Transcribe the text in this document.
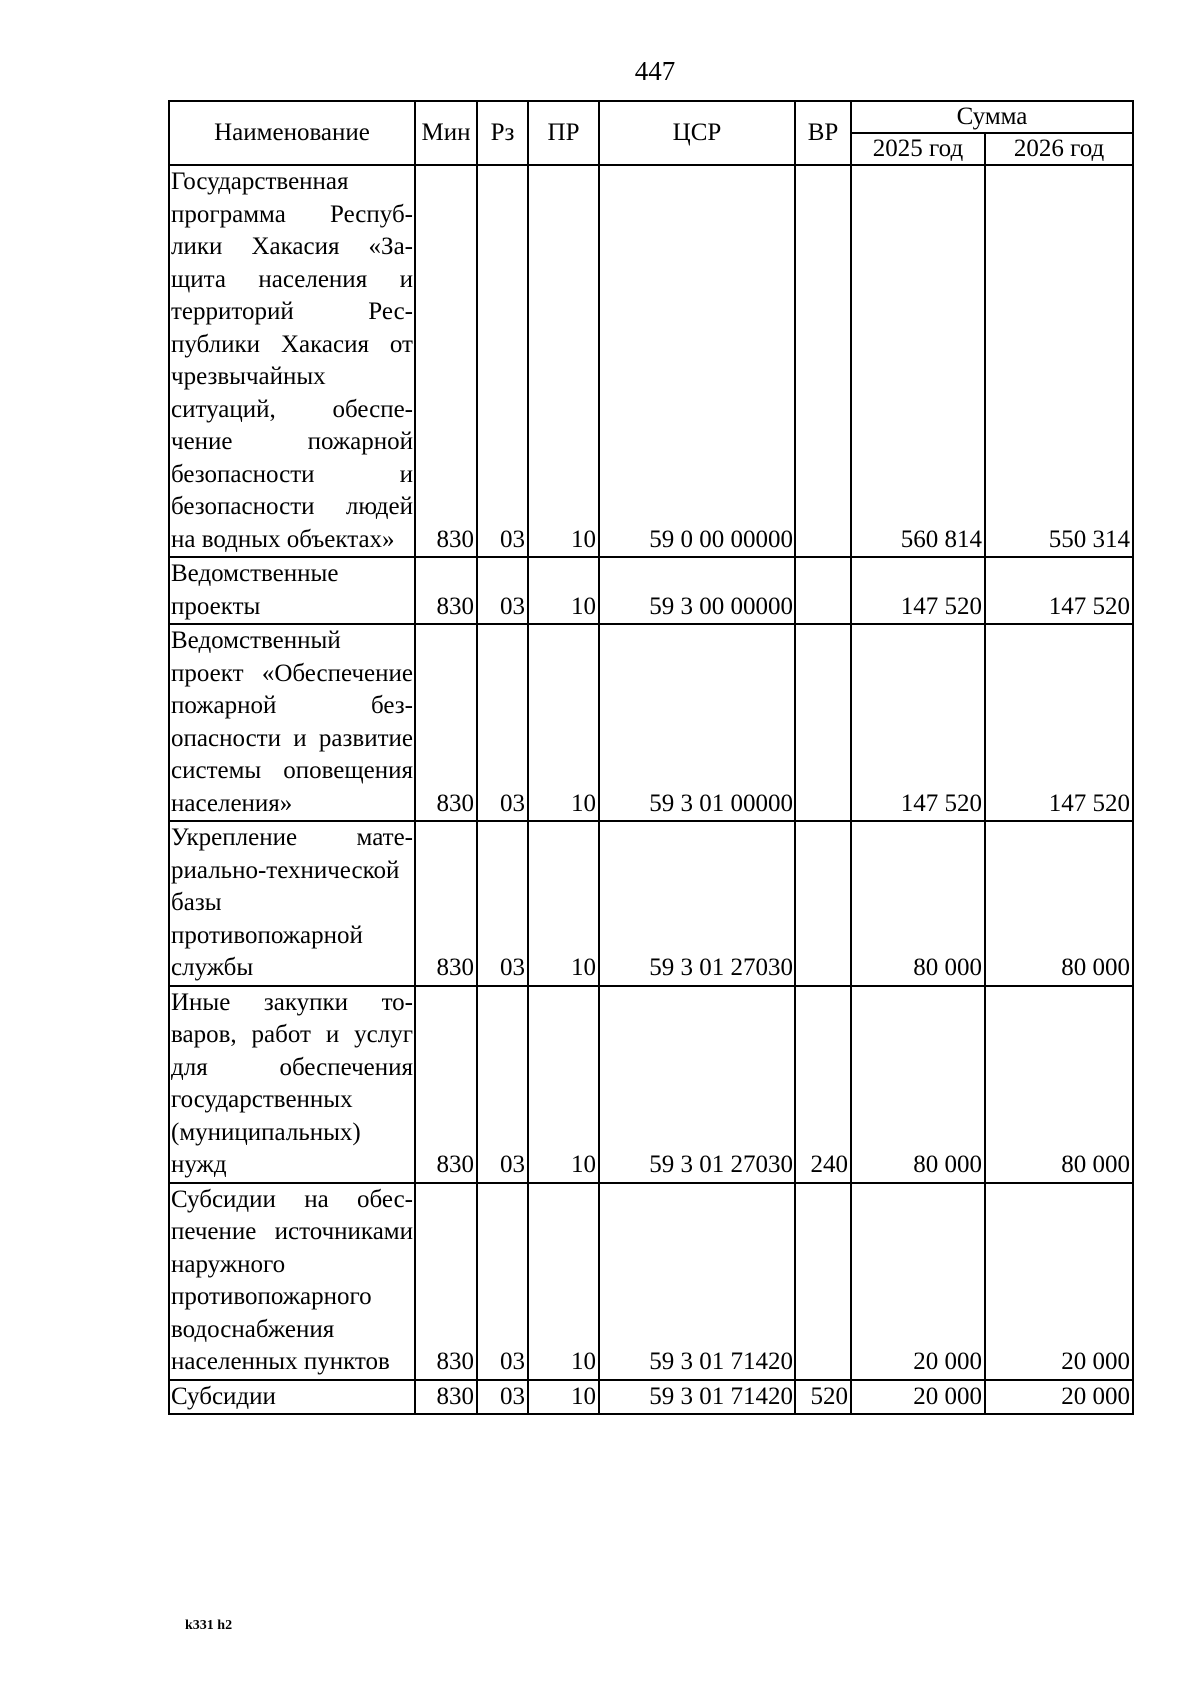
447
Наименование	Мин	Рз	ПР	ЦСР	ВР	Сумма	
						2025 год	2026 год
Государственная программа Республики Хакасия «Защита населения и территорий Республики Хакасия от чрезвычайных ситуаций, обеспечение пожарной безопасности и безопасности людей на водных объектах»	830	03	10	59 0 00 00000		560 814	550 314
Ведомственные проекты	830	03	10	59 3 00 00000		147 520	147 520
Ведомственный проект «Обеспечение пожарной безопасности и развитие системы оповещения населения»	830	03	10	59 3 01 00000		147 520	147 520
Укрепление материально-технической базы противопожарной службы	830	03	10	59 3 01 27030		80 000	80 000
Иные закупки товаров, работ и услуг для обеспечения государственных (муниципальных) нужд	830	03	10	59 3 01 27030	240	80 000	80 000
Субсидии на обеспечение источниками наружного противопожарного водоснабжения населенных пунктов	830	03	10	59 3 01 71420		20 000	20 000
Субсидии	830	03	10	59 3 01 71420	520	20 000	20 000
k331 h2
